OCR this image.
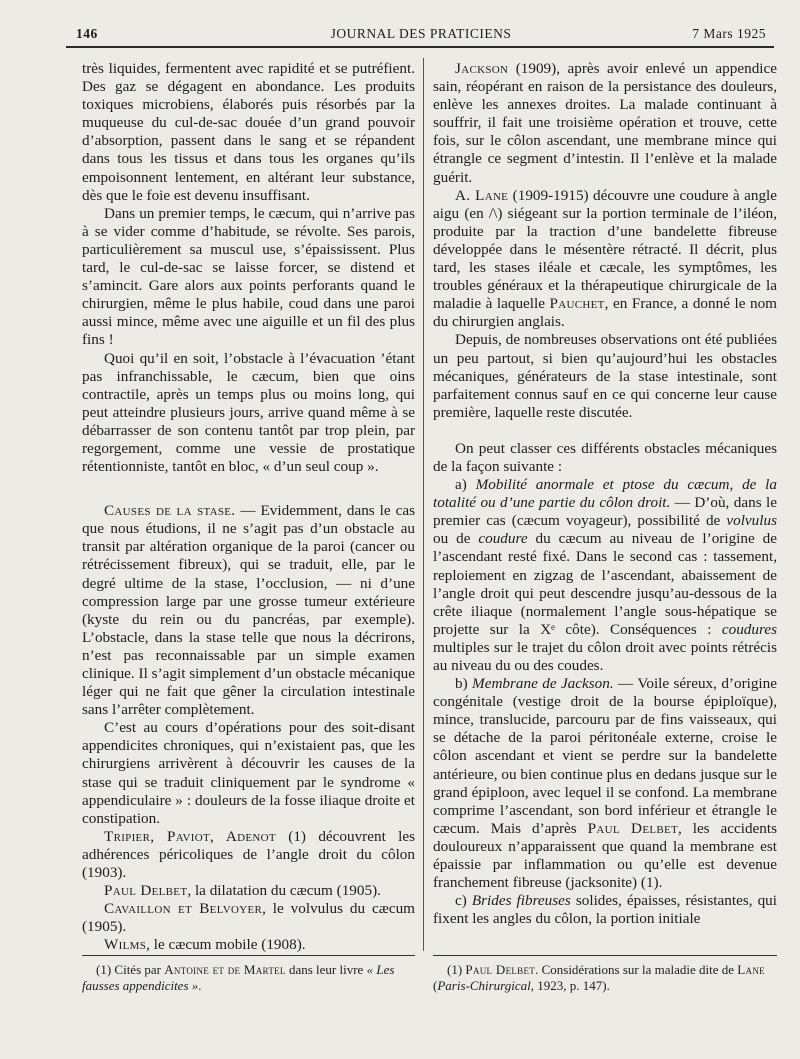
146	JOURNAL DES PRATICIENS	7 Mars 1925

très liquides, fermentent avec rapidité et se putréfient. Des gaz se dégagent en abondance. Les produits toxiques microbiens, élaborés puis résorbés par la muqueuse du cul-de-sac douée d’un grand pouvoir d’absorption, passent dans le sang et se répandent dans tous les tissus et dans tous les organes qu’ils empoisonnent lentement, en altérant leur substance, dès que le foie est devenu insuffisant.

Dans un premier temps, le cæcum, qui n’arrive pas à se vider comme d’habitude, se révolte. Ses parois, particulièrement sa muscul use, s’épaississent. Plus tard, le cul-de-sac se laisse forcer, se distend et s’amincit. Gare alors aux points perforants quand le chirurgien, même le plus habile, coud dans une paroi aussi mince, même avec une aiguille et un fil des plus fins !

Quoi qu’il en soit, l’obstacle à l’évacuation ’étant pas infranchissable, le cæcum, bien que oins contractile, après un temps plus ou moins long, qui peut atteindre plusieurs jours, arrive quand même à se débarrasser de son contenu tantôt par trop plein, par regorgement, comme une vessie de prostatique rétentionniste, tantôt en bloc, « d’un seul coup ».

Causes de la stase. — Evidemment, dans le cas que nous étudions, il ne s’agit pas d’un obstacle au transit par altération organique de la paroi (cancer ou rétrécissement fibreux), qui se traduit, elle, par le degré ultime de la stase, l’occlusion, — ni d’une compression large par une grosse tumeur extérieure (kyste du rein ou du pancréas, par exemple). L’obstacle, dans la stase telle que nous la décrirons, n’est pas reconnaissable par un simple examen clinique. Il s’agit simplement d’un obstacle mécanique léger qui ne fait que gêner la circulation intestinale sans l’arrêter complètement.

C’est au cours d’opérations pour des soit-disant appendicites chroniques, qui n’existaient pas, que les chirurgiens arrivèrent à découvrir les causes de la stase qui se traduit cliniquement par le syndrome « appendiculaire » : douleurs de la fosse iliaque droite et constipation.

Tripier, Paviot, Adenot (1) découvrent les adhérences péricoliques de l’angle droit du côlon (1903).

Paul Delbet, la dilatation du cæcum (1905).

Cavaillon et Belvoyer, le volvulus du cæcum (1905).

Wilms, le cæcum mobile (1908).

Jackson (1909), après avoir enlevé un appendice sain, réopérant en raison de la persistance des douleurs, enlève les annexes droites. La malade continuant à souffrir, il fait une troisième opération et trouve, cette fois, sur le côlon ascendant, une membrane mince qui étrangle ce segment d’intestin. Il l’enlève et la malade guérit.

A. Lane (1909-1915) découvre une coudure à angle aigu (en /\) siégeant sur la portion terminale de l’iléon, produite par la traction d’une bandelette fibreuse développée dans le mésentère rétracté. Il décrit, plus tard, les stases iléale et cæcale, les symptômes, les troubles généraux et la thérapeutique chirurgicale de la maladie à laquelle Pauchet, en France, a donné le nom du chirurgien anglais.

Depuis, de nombreuses observations ont été publiées un peu partout, si bien qu’aujourd’hui les obstacles mécaniques, générateurs de la stase intestinale, sont parfaitement connus sauf en ce qui concerne leur cause première, laquelle reste discutée.

On peut classer ces différents obstacles mécaniques de la façon suivante :

a) Mobilité anormale et ptose du cæcum, de la totalité ou d’une partie du côlon droit. — D’où, dans le premier cas (cæcum voyageur), possibilité de volvulus ou de coudure du cæcum au niveau de l’origine de l’ascendant resté fixé. Dans le second cas : tassement, reploiement en zigzag de l’ascendant, abaissement de l’angle droit qui peut descendre jusqu’au-dessous de la crête iliaque (normalement l’angle sous-hépatique se projette sur la Xᵉ côte). Conséquences : coudures multiples sur le trajet du côlon droit avec points rétrécis au niveau du ou des coudes.

b) Membrane de Jackson. — Voile séreux, d’origine congénitale (vestige droit de la bourse épiploïque), mince, translucide, parcouru par de fins vaisseaux, qui se détache de la paroi péritonéale externe, croise le côlon ascendant et vient se perdre sur la bandelette antérieure, ou bien continue plus en dedans jusque sur le grand épiploon, avec lequel il se confond. La membrane comprime l’ascendant, son bord inférieur et étrangle le cæcum. Mais d’après Paul Delbet, les accidents douloureux n’apparaissent que quand la membrane est épaissie par inflammation ou qu’elle est devenue franchement fibreuse (jacksonite) (1).

c) Brides fibreuses solides, épaisses, résistantes, qui fixent les angles du côlon, la portion initiale

(1) Cités par Antoine et de Martel dans leur livre « Les fausses appendicites ».

(1) Paul Delbet. Considérations sur la maladie dite de Lane (Paris-Chirurgical, 1923, p. 147).
